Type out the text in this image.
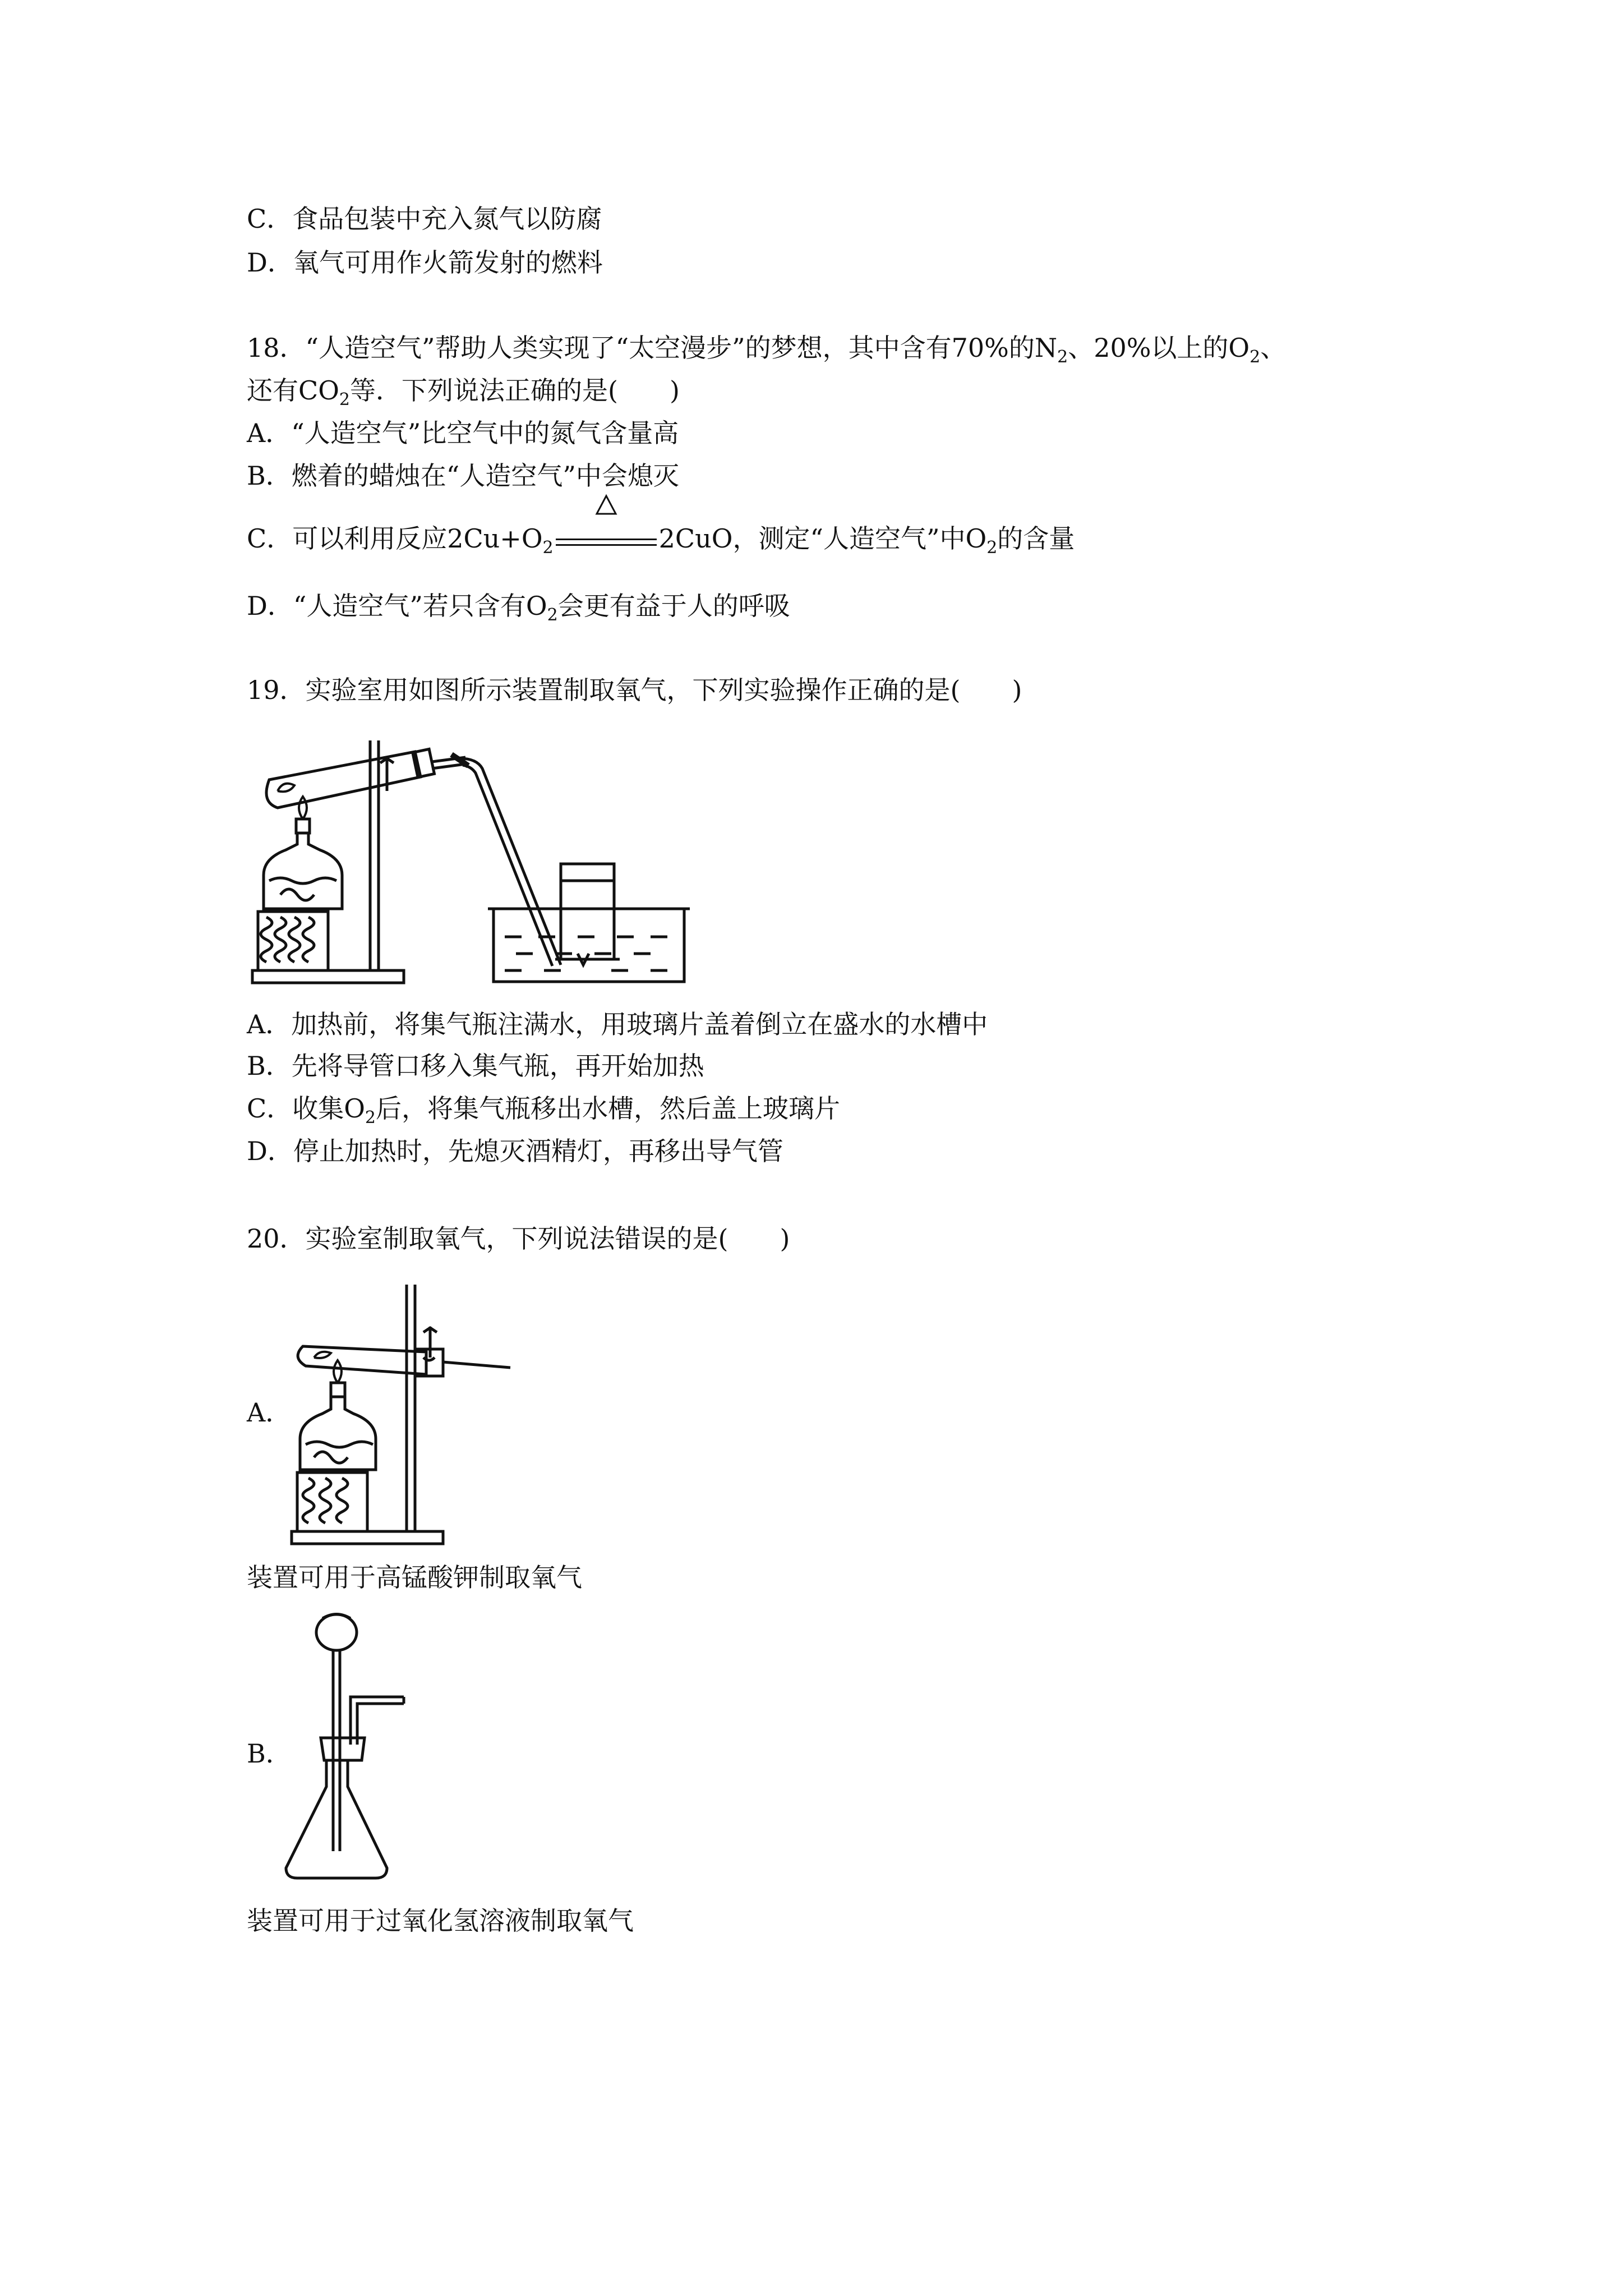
C．食品包装中充入氮气以防腐
D．氧气可用作火箭发射的燃料
18．“人造空气”帮助人类实现了“太空漫步”的梦想，其中含有70%的$N_2$、20%以上的$O_2$、
还有$CO_2$等．下列说法正确的是(　　)
A．“人造空气”比空气中的氮气含量高
B．燃着的蜡烛在“人造空气”中会熄灭
C．可以利用反应$2Cu+O_2$	2CuO，测定“人造空气”中$O_2$的含量
D．“人造空气”若只含有$O_2$会更有益于人的呼吸
19．实验室用如图所示装置制取氧气，下列实验操作正确的是(　　)
A．加热前，将集气瓶注满水，用玻璃片盖着倒立在盛水的水槽中
B．先将导管口移入集气瓶，再开始加热
C．收集$O_2$后，将集气瓶移出水槽，然后盖上玻璃片
D．停止加热时，先熄灭酒精灯，再移出导气管
20．实验室制取氧气，下列说法错误的是(　　)
A．
装置可用于高锰酸钾制取氧气
B．
装置可用于过氧化氢溶液制取氧气
